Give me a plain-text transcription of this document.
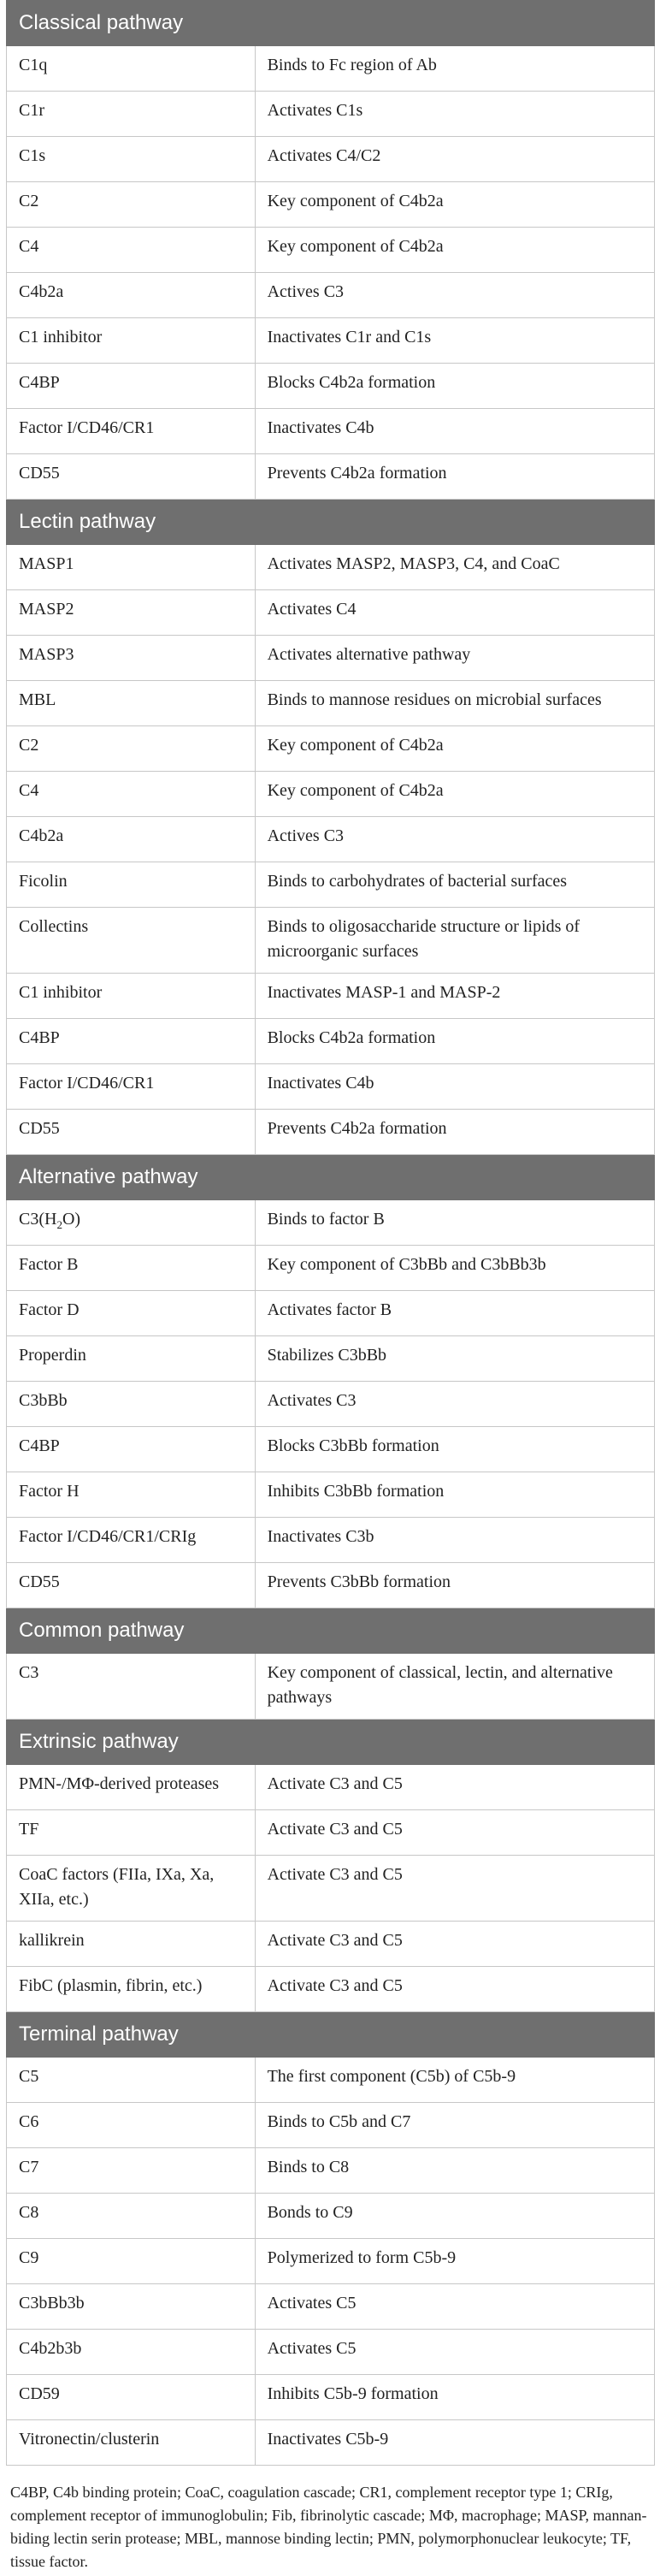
Classical pathway	
C1q	Binds to Fc region of Ab
C1r	Activates C1s
C1s	Activates C4/C2
C2	Key component of C4b2a
C4	Key component of C4b2a
C4b2a	Actives C3
C1 inhibitor	Inactivates C1r and C1s
C4BP	Blocks C4b2a formation
Factor I/CD46/CR1	Inactivates C4b
CD55	Prevents C4b2a formation
Lectin pathway	
MASP1	Activates MASP2, MASP3, C4, and CoaC
MASP2	Activates C4
MASP3	Activates alternative pathway
MBL	Binds to mannose residues on microbial surfaces
C2	Key component of C4b2a
C4	Key component of C4b2a
C4b2a	Actives C3
Ficolin	Binds to carbohydrates of bacterial surfaces
Collectins	Binds to oligosaccharide structure or lipids of microorganic surfaces
C1 inhibitor	Inactivates MASP-1 and MASP-2
C4BP	Blocks C4b2a formation
Factor I/CD46/CR1	Inactivates C4b
CD55	Prevents C4b2a formation
Alternative pathway	
$C3(H_2O)$	Binds to factor B
Factor B	Key component of C3bBb and C3bBb3b
Factor D	Activates factor B
Properdin	Stabilizes C3bBb
C3bBb	Activates C3
C4BP	Blocks C3bBb formation
Factor H	Inhibits C3bBb formation
Factor I/CD46/CR1/CRIg	Inactivates C3b
CD55	Prevents C3bBb formation
Common pathway	
C3	Key component of classical, lectin, and alternative pathways
Extrinsic pathway	
PMN-/MΦ-derived proteases	Activate C3 and C5
TF	Activate C3 and C5
CoaC factors (FIIa, IXa, Xa, XIIa, etc.)	Activate C3 and C5
kallikrein	Activate C3 and C5
FibC (plasmin, fibrin, etc.)	Activate C3 and C5
Terminal pathway	
C5	The first component (C5b) of C5b-9
C6	Binds to C5b and C7
C7	Binds to C8
C8	Bonds to C9
C9	Polymerized to form C5b-9
C3bBb3b	Activates C5
C4b2b3b	Activates C5
CD59	Inhibits C5b-9 formation
Vitronectin/clusterin	Inactivates C5b-9

C4BP, C4b binding protein; CoaC, coagulation cascade; CR1, complement receptor type 1; CRIg, complement receptor of immunoglobulin; Fib, fibrinolytic cascade; MΦ, macrophage; MASP, mannan-biding lectin serin protease; MBL, mannose binding lectin; PMN, polymorphonuclear leukocyte; TF, tissue factor.
